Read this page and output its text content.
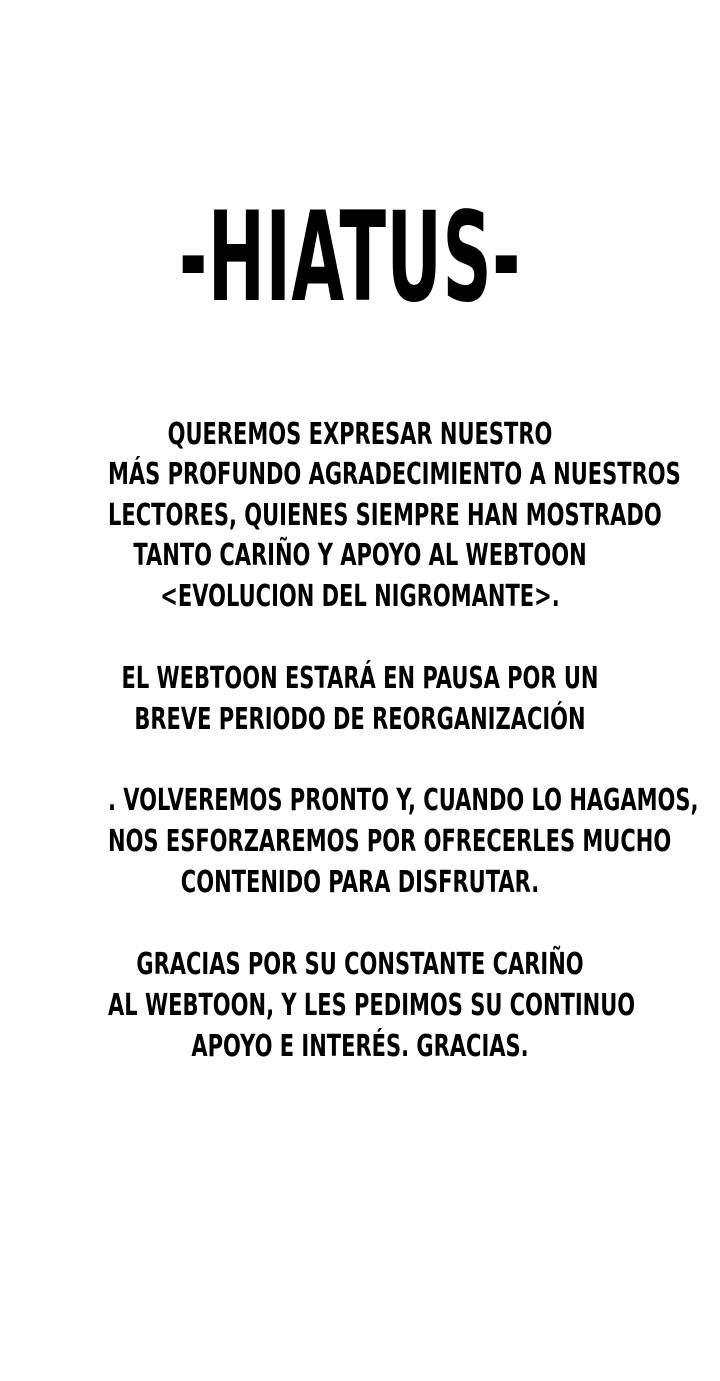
-HIATUS-
QUEREMOS EXPRESAR NUESTRO
MÁS PROFUNDO AGRADECIMIENTO A NUESTROS
LECTORES, QUIENES SIEMPRE HAN MOSTRADO
TANTO CARIÑO Y APOYO AL WEBTOON
<EVOLUCION DEL NIGROMANTE>.
EL WEBTOON ESTARÁ EN PAUSA POR UN
BREVE PERIODO DE REORGANIZACIÓN
. VOLVEREMOS PRONTO Y, CUANDO LO HAGAMOS,
NOS ESFORZAREMOS POR OFRECERLES MUCHO
CONTENIDO PARA DISFRUTAR.
GRACIAS POR SU CONSTANTE CARIÑO
AL WEBTOON, Y LES PEDIMOS SU CONTINUO
APOYO E INTERÉS. GRACIAS.
